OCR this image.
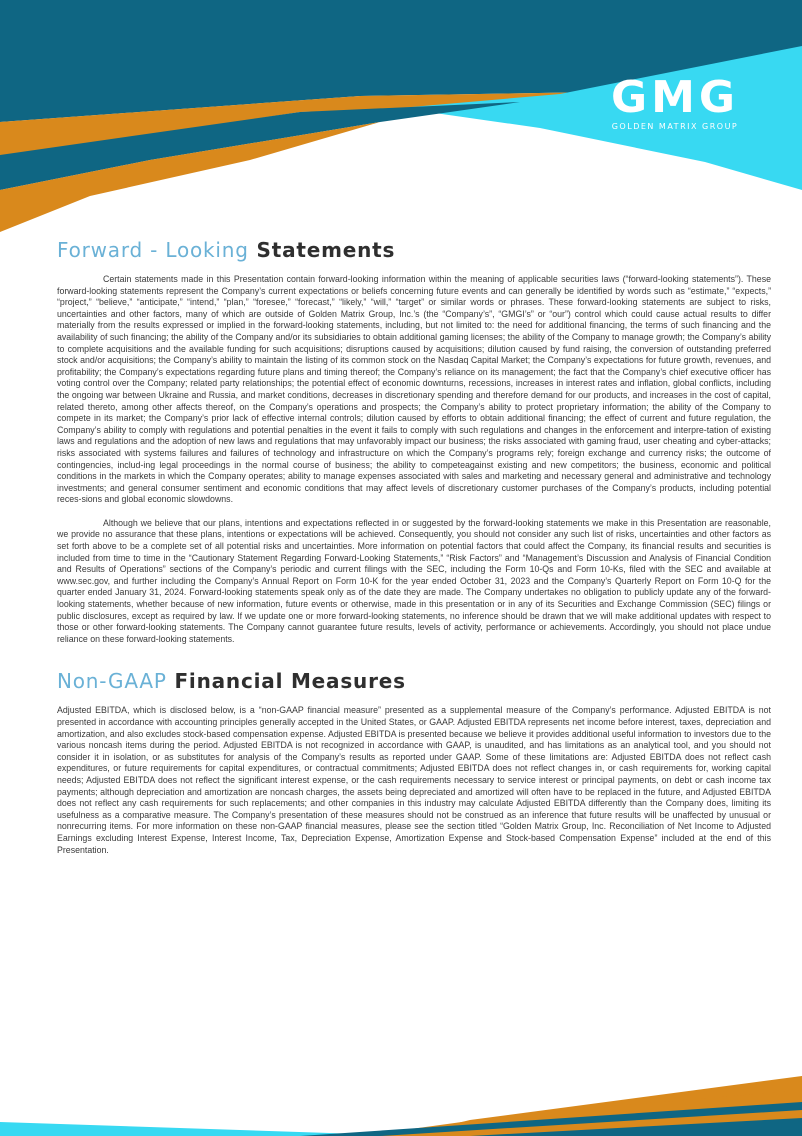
GMG
GOLDEN MATRIX GROUP
Forward - Looking Statements

Certain statements made in this Presentation contain forward-looking information within the meaning of applicable securities laws (“forward-looking statements”). These forward-looking statements represent the Company’s current expectations or beliefs concerning future events and can generally be identified by words such as “estimate,” “expects,” “project,” “believe,” “anticipate,” “intend,” “plan,” “foresee,” “forecast,” “likely,” “will,” “target” or similar words or phrases. These forward-looking statements are subject to risks, uncertainties and other factors, many of which are outside of Golden Matrix Group, Inc.’s (the “Company’s”, “GMGI’s” or “our”) control which could cause actual results to differ materially from the results expressed or implied in the forward-looking statements, including, but not limited to: the need for additional financing, the terms of such financing and the availability of such financing; the ability of the Company and/or its subsidiaries to obtain additional gaming licenses; the ability of the Company to manage growth; the Company’s ability to complete acquisitions and the available funding for such acquisitions; disruptions caused by acquisitions; dilution caused by fund raising, the conversion of outstanding preferred stock and/or acquisitions; the Company’s ability to maintain the listing of its common stock on the Nasdaq Capital Market; the Company’s expectations for future growth, revenues, and profitability; the Company’s expectations regarding future plans and timing thereof; the Company’s reliance on its management; the fact that the Company’s chief executive officer has voting control over the Company; related party relationships; the potential effect of economic downturns, recessions, increases in interest rates and inflation, global conflicts, including the ongoing war between Ukraine and Russia, and market conditions, decreases in discretionary spending and therefore demand for our products, and increases in the cost of capital, related thereto, among other affects thereof, on the Company’s operations and prospects; the Company’s ability to protect proprietary information; the ability of the Company to compete in its market; the Company’s prior lack of effective internal controls; dilution caused by efforts to obtain additional financing; the effect of current and future regulation, the Company’s ability to comply with regulations and potential penalties in the event it fails to comply with such regulations and changes in the enforcement and interpre-tation of existing laws and regulations and the adoption of new laws and regulations that may unfavorably impact our business; the risks associated with gaming fraud, user cheating and cyber-attacks; risks associated with systems failures and failures of technology and infrastructure on which the Company’s programs rely; foreign exchange and currency risks; the outcome of contingencies, includ-ing legal proceedings in the normal course of business; the ability to competeagainst existing and new competitors; the business, economic and political conditions in the markets in which the Company operates; ability to manage expenses associated with sales and marketing and necessary general and administrative and technology investments; and general consumer sentiment and economic conditions that may affect levels of discretionary customer purchases of the Company’s products, including potential reces-sions and global economic slowdowns.

Although we believe that our plans, intentions and expectations reflected in or suggested by the forward-looking statements we make in this Presentation are reasonable, we provide no assurance that these plans, intentions or expectations will be achieved. Consequently, you should not consider any such list of risks, uncertainties and other factors as set forth above to be a complete set of all potential risks and uncertainties. More information on potential factors that could affect the Company, its financial results and securities is included from time to time in the “Cautionary Statement Regarding Forward-Looking Statements,” “Risk Factors” and “Management’s Discussion and Analysis of Financial Condition and Results of Operations” sections of the Company’s periodic and current filings with the SEC, including the Form 10-Qs and Form 10-Ks, filed with the SEC and available at www.sec.gov, and further including the Company’s Annual Report on Form 10-K for the year ended October 31, 2023 and the Company’s Quarterly Report on Form 10-Q for the quarter ended January 31, 2024. Forward-looking statements speak only as of the date they are made. The Company undertakes no obligation to publicly update any of the forward-looking statements, whether because of new information, future events or otherwise, made in this presentation or in any of its Securities and Exchange Commission (SEC) filings or public disclosures, except as required by law. If we update one or more forward-looking statements, no inference should be drawn that we will make additional updates with respect to those or other forward-looking statements. The Company cannot guarantee future results, levels of activity, performance or achievements. Accordingly, you should not place undue reliance on these forward-looking statements.

Non-GAAP Financial Measures

Adjusted EBITDA, which is disclosed below, is a “non-GAAP financial measure” presented as a supplemental measure of the Company’s performance. Adjusted EBITDA is not presented in accordance with accounting principles generally accepted in the United States, or GAAP. Adjusted EBITDA represents net income before interest, taxes, depreciation and amortization, and also excludes stock-based compensation expense. Adjusted EBITDA is presented because we believe it provides additional useful information to investors due to the various noncash items during the period. Adjusted EBITDA is not recognized in accordance with GAAP, is unaudited, and has limitations as an analytical tool, and you should not consider it in isolation, or as substitutes for analysis of the Company’s results as reported under GAAP. Some of these limitations are: Adjusted EBITDA does not reflect cash expenditures, or future requirements for capital expenditures, or contractual commitments; Adjusted EBITDA does not reflect changes in, or cash requirements for, working capital needs; Adjusted EBITDA does not reflect the significant interest expense, or the cash requirements necessary to service interest or principal payments, on debt or cash income tax payments; although depreciation and amortization are noncash charges, the assets being depreciated and amortized will often have to be replaced in the future, and Adjusted EBITDA does not reflect any cash requirements for such replacements; and other companies in this industry may calculate Adjusted EBITDA differently than the Company does, limiting its usefulness as a comparative measure. The Company’s presentation of these measures should not be construed as an inference that future results will be unaffected by unusual or nonrecurring items. For more information on these non-GAAP financial measures, please see the section titled “Golden Matrix Group, Inc. Reconciliation of Net Income to Adjusted Earnings excluding Interest Expense, Interest Income, Tax, Depreciation Expense, Amortization Expense and Stock-based Compensation Expense” included at the end of this Presentation.
